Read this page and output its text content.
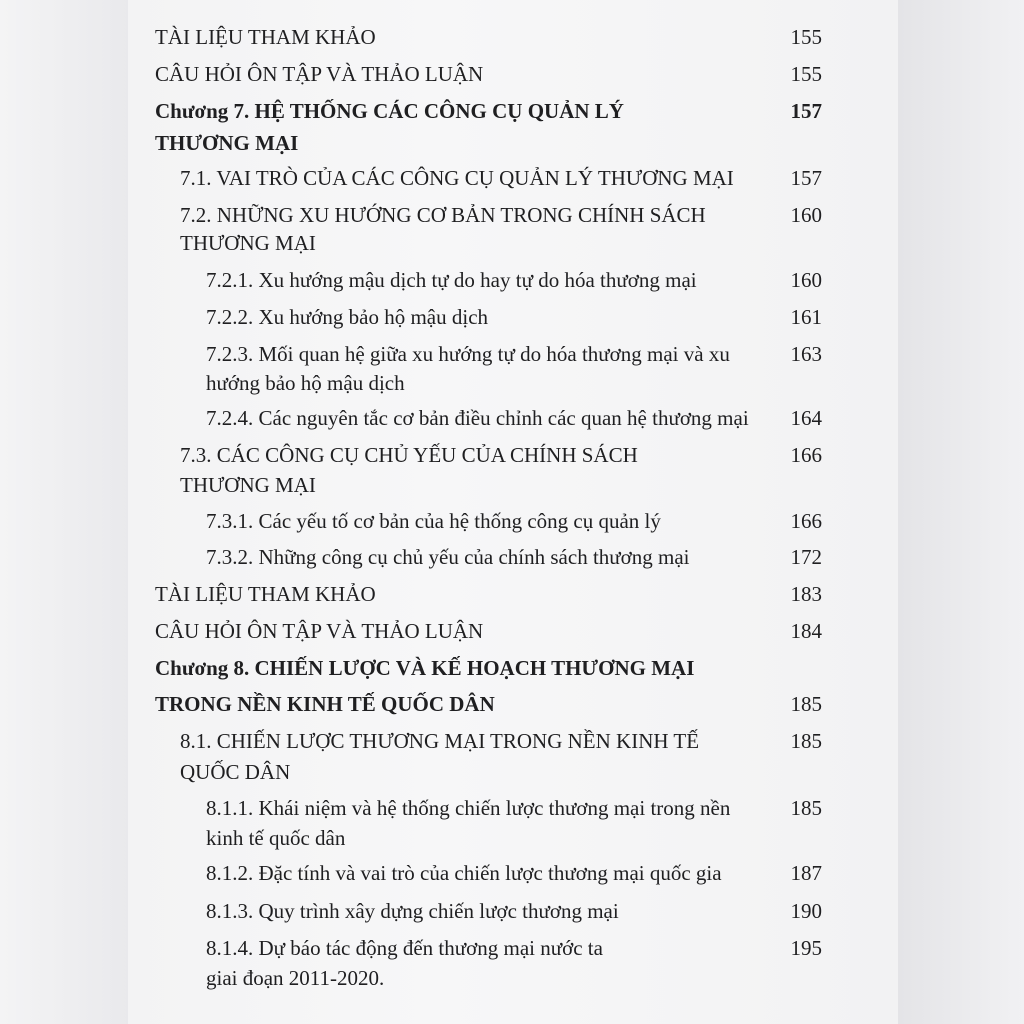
TÀI LIỆU THAM KHẢO	155
CÂU HỎI ÔN TẬP VÀ THẢO LUẬN	155
Chương 7. HỆ THỐNG CÁC CÔNG CỤ QUẢN LÝ
THƯƠNG MẠI
157
7.1. VAI TRÒ CỦA CÁC CÔNG CỤ QUẢN LÝ THƯƠNG MẠI	157
7.2. NHỮNG XU HƯỚNG CƠ BẢN TRONG CHÍNH SÁCH
THƯƠNG MẠI
160
7.2.1. Xu hướng mậu dịch tự do hay tự do hóa thương mại	160
7.2.2. Xu hướng bảo hộ mậu dịch	161
7.2.3. Mối quan hệ giữa xu hướng tự do hóa thương mại và xu
hướng bảo hộ mậu dịch
163
7.2.4. Các nguyên tắc cơ bản điều chỉnh các quan hệ thương mại	164
7.3. CÁC CÔNG CỤ CHỦ YẾU CỦA CHÍNH SÁCH
THƯƠNG MẠI
166
7.3.1. Các yếu tố cơ bản của hệ thống công cụ quản lý	166
7.3.2. Những công cụ chủ yếu của chính sách thương mại	172
TÀI LIỆU THAM KHẢO	183
CÂU HỎI ÔN TẬP VÀ THẢO LUẬN	184
Chương 8. CHIẾN LƯỢC VÀ KẾ HOẠCH THƯƠNG MẠI
TRONG NỀN KINH TẾ QUỐC DÂN	185
8.1. CHIẾN LƯỢC THƯƠNG MẠI TRONG NỀN KINH TẾ
QUỐC DÂN
185
8.1.1. Khái niệm và hệ thống chiến lược thương mại trong nền
kinh tế quốc dân
185
8.1.2. Đặc tính và vai trò của chiến lược thương mại quốc gia	187
8.1.3. Quy trình xây dựng chiến lược thương mại	190
8.1.4. Dự báo tác động đến thương mại nước ta
giai đoạn 2011-2020.
195
